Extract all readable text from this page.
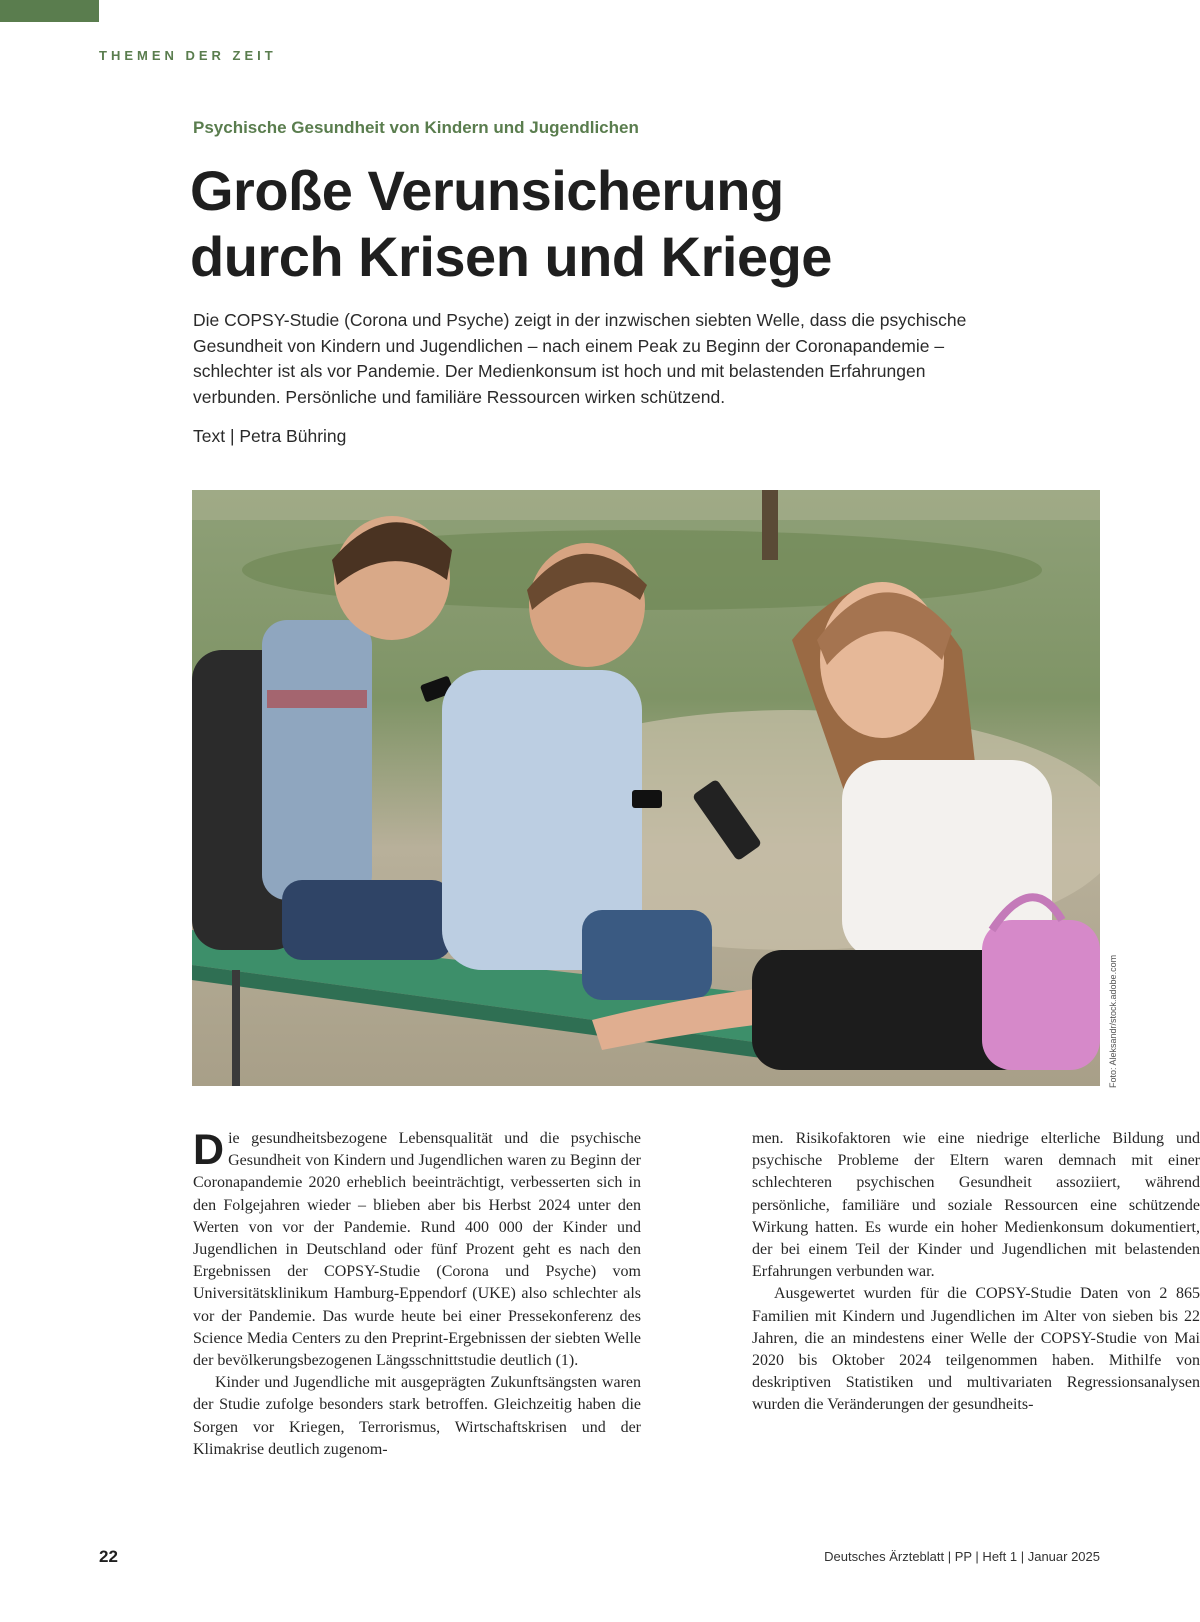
THEMEN DER ZEIT
Psychische Gesundheit von Kindern und Jugendlichen
Große Verunsicherung
durch Krisen und Kriege

Die COPSY-Studie (Corona und Psyche) zeigt in der inzwischen siebten Welle, dass die psychische Gesundheit von Kindern und Jugendlichen – nach einem Peak zu Beginn der Coronapandemie – schlechter ist als vor Pandemie. Der Medienkonsum ist hoch und mit belastenden Erfahrungen verbunden. Persönliche und familiäre Ressourcen wirken schützend.

Text | Petra Bühring
Foto: Aleksandr/stock.adobe.com

Die gesundheitsbezogene Lebensqualität und die psychische Gesundheit von Kindern und Jugendlichen waren zu Beginn der Coronapandemie 2020 erheblich beeinträchtigt, verbesserten sich in den Folgejahren wieder – blieben aber bis Herbst 2024 unter den Werten von vor der Pandemie. Rund 400 000 der Kinder und Jugendlichen in Deutschland oder fünf Prozent geht es nach den Ergebnissen der COPSY-Studie (Corona und Psyche) vom Universitätsklinikum Hamburg-Eppendorf (UKE) also schlechter als vor der Pandemie. Das wurde heute bei einer Pressekonferenz des Science Media Centers zu den Preprint-Ergebnissen der siebten Welle der bevölkerungsbezogenen Längsschnittstudie deutlich (1).

Kinder und Jugendliche mit ausgeprägten Zukunftsängsten waren der Studie zufolge besonders stark betroffen. Gleichzeitig haben die Sorgen vor Kriegen, Terrorismus, Wirtschaftskrisen und der Klimakrise deutlich zugenom-

men. Risikofaktoren wie eine niedrige elterliche Bildung und psychische Probleme der Eltern waren demnach mit einer schlechteren psychischen Gesundheit assoziiert, während persönliche, familiäre und soziale Ressourcen eine schützende Wirkung hatten. Es wurde ein hoher Medienkonsum dokumentiert, der bei einem Teil der Kinder und Jugendlichen mit belastenden Erfahrungen verbunden war.

Ausgewertet wurden für die COPSY-Studie Daten von 2 865 Familien mit Kindern und Jugendlichen im Alter von sieben bis 22 Jahren, die an mindestens einer Welle der COPSY-Studie von Mai 2020 bis Oktober 2024 teilgenommen haben. Mithilfe von deskriptiven Statistiken und multivariaten Regressionsanalysen wurden die Veränderungen der gesundheits-

22	Deutsches Ärzteblatt | PP | Heft 1 | Januar 2025
